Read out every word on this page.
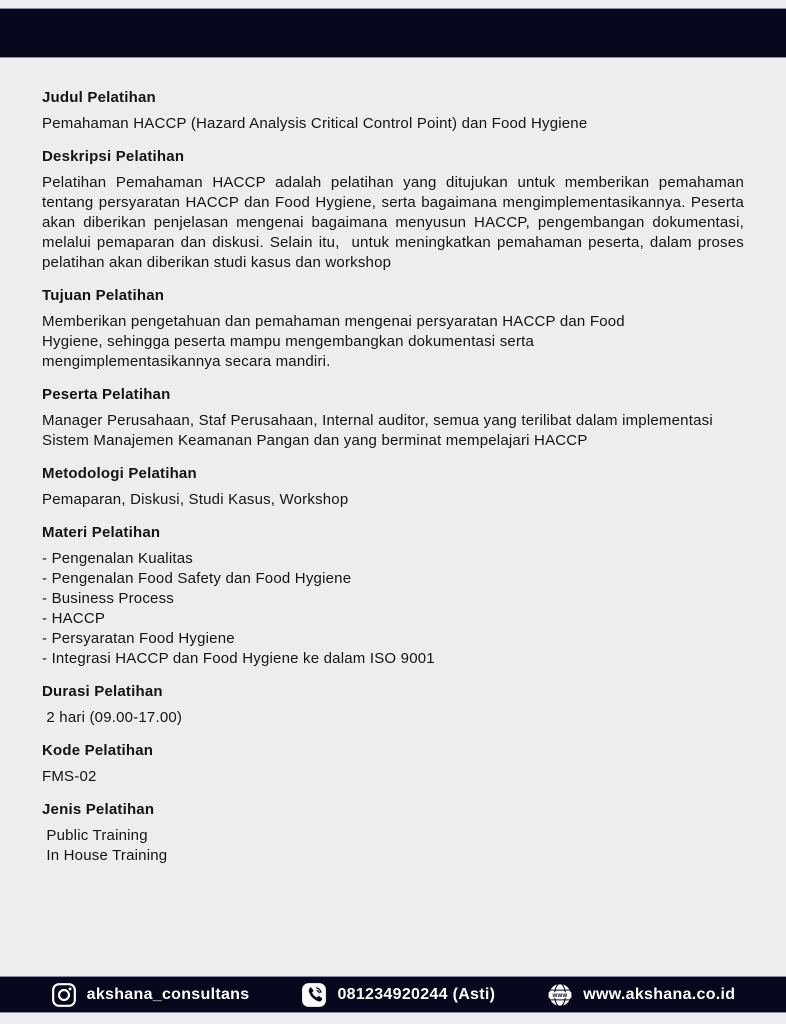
Judul Pelatihan

Pemahaman HACCP (Hazard Analysis Critical Control Point) dan Food Hygiene

Deskripsi Pelatihan

Pelatihan Pemahaman HACCP adalah pelatihan yang ditujukan untuk memberikan pemahaman tentang persyaratan HACCP dan Food Hygiene, serta bagaimana mengimplementasikannya. Peserta akan diberikan penjelasan mengenai bagaimana menyusun HACCP, pengembangan dokumentasi, melalui pemaparan dan diskusi. Selain itu,  untuk meningkatkan pemahaman peserta, dalam proses pelatihan akan diberikan studi kasus dan workshop

Tujuan Pelatihan

Memberikan pengetahuan dan pemahaman mengenai persyaratan HACCP dan Food Hygiene, sehingga peserta mampu mengembangkan dokumentasi serta mengimplementasikannya secara mandiri.

Peserta Pelatihan

Manager Perusahaan, Staf Perusahaan, Internal auditor, semua yang terilibat dalam implementasi Sistem Manajemen Keamanan Pangan dan yang berminat mempelajari HACCP

Metodologi Pelatihan

Pemaparan, Diskusi, Studi Kasus, Workshop

Materi Pelatihan

- Pengenalan Kualitas

- Pengenalan Food Safety dan Food Hygiene

- Business Process

- HACCP

- Persyaratan Food Hygiene

- Integrasi HACCP dan Food Hygiene ke dalam ISO 9001

Durasi Pelatihan

2 hari (09.00-17.00)

Kode Pelatihan

FMS-02

Jenis Pelatihan

Public Training

In House Training

akshana_consultans	081234920244 (Asti)	www www.akshana.co.id
